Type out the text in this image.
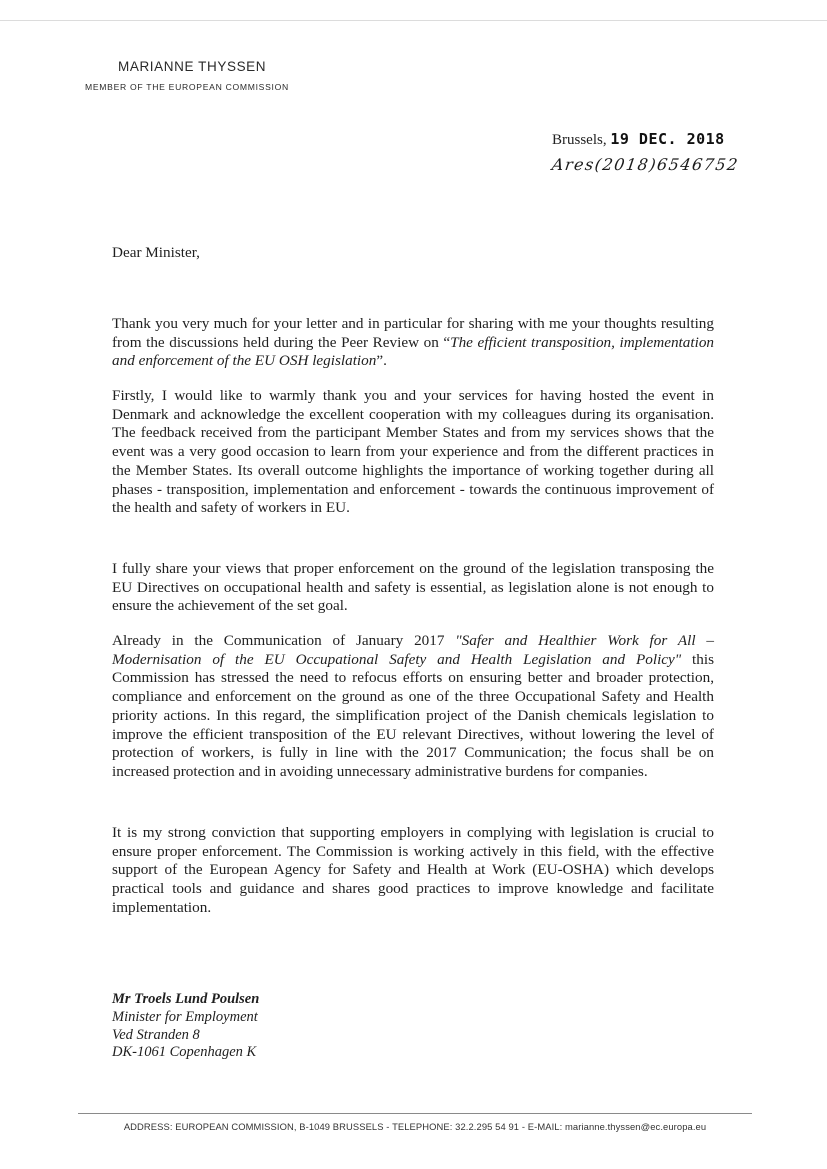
MARIANNE THYSSEN
MEMBER OF THE EUROPEAN COMMISSION
Brussels, 19 DEC. 2018
Ares(2018)6546752
Dear Minister,

Thank you very much for your letter and in particular for sharing with me your thoughts resulting from the discussions held during the Peer Review on “The efficient transposition, implementation and enforcement of the EU OSH legislation”.

Firstly, I would like to warmly thank you and your services for having hosted the event in Denmark and acknowledge the excellent cooperation with my colleagues during its organisation. The feedback received from the participant Member States and from my services shows that the event was a very good occasion to learn from your experience and from the different practices in the Member States. Its overall outcome highlights the importance of working together during all phases - transposition, implementation and enforcement - towards the continuous improvement of the health and safety of workers in EU.

I fully share your views that proper enforcement on the ground of the legislation transposing the EU Directives on occupational health and safety is essential, as legislation alone is not enough to ensure the achievement of the set goal.

Already in the Communication of January 2017 "Safer and Healthier Work for All – Modernisation of the EU Occupational Safety and Health Legislation and Policy" this Commission has stressed the need to refocus efforts on ensuring better and broader protection, compliance and enforcement on the ground as one of the three Occupational Safety and Health priority actions. In this regard, the simplification project of the Danish chemicals legislation to improve the efficient transposition of the EU relevant Directives, without lowering the level of protection of workers, is fully in line with the 2017 Communication; the focus shall be on increased protection and in avoiding unnecessary administrative burdens for companies.

It is my strong conviction that supporting employers in complying with legislation is crucial to ensure proper enforcement. The Commission is working actively in this field, with the effective support of the European Agency for Safety and Health at Work (EU-OSHA) which develops practical tools and guidance and shares good practices to improve knowledge and facilitate implementation.

Mr Troels Lund Poulsen
Minister for Employment
Ved Stranden 8
DK-1061 Copenhagen K
ADDRESS: EUROPEAN COMMISSION, B-1049 BRUSSELS - TELEPHONE: 32.2.295 54 91 - E-MAIL: marianne.thyssen@ec.europa.eu
